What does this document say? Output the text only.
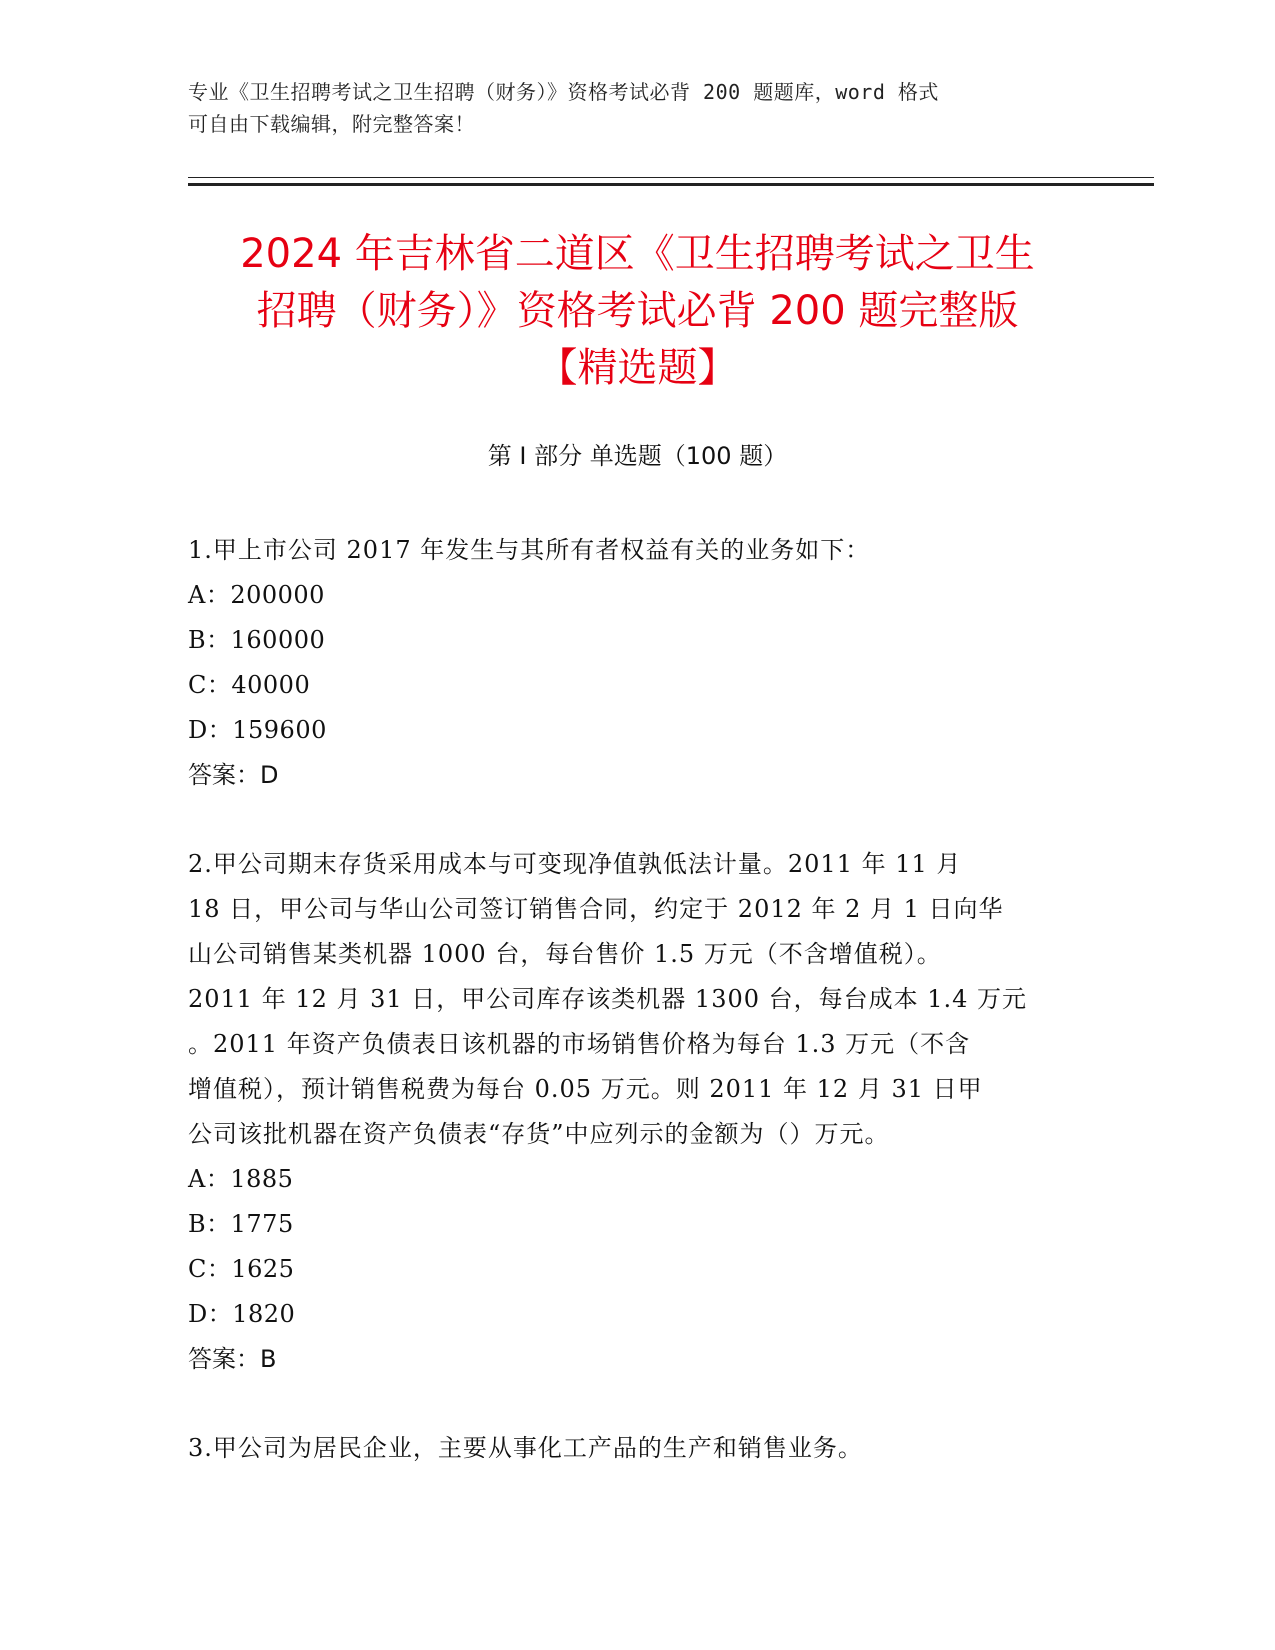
专业《卫生招聘考试之卫生招聘（财务）》资格考试必背 200 题题库，word 格式
可自由下载编辑，附完整答案！
2024 年吉林省二道区《卫生招聘考试之卫生
招聘（财务）》资格考试必背 200 题完整版
【精选题】
第 I 部分 单选题（100 题）

1.甲上市公司 2017 年发生与其所有者权益有关的业务如下：

A：200000

B：160000

C：40000

D：159600

答案：D

2.甲公司期末存货采用成本与可变现净值孰低法计量。2011 年 11 月

18 日，甲公司与华山公司签订销售合同，约定于 2012 年 2 月 1 日向华

山公司销售某类机器 1000 台，每台售价 1.5 万元（不含增值税）。

2011 年 12 月 31 日，甲公司库存该类机器 1300 台，每台成本 1.4 万元

。2011 年资产负债表日该机器的市场销售价格为每台 1.3 万元（不含

增值税），预计销售税费为每台 0.05 万元。则 2011 年 12 月 31 日甲

公司该批机器在资产负债表“存货”中应列示的金额为（）万元。

A：1885

B：1775

C：1625

D：1820

答案：B

3.甲公司为居民企业，主要从事化工产品的生产和销售业务。
